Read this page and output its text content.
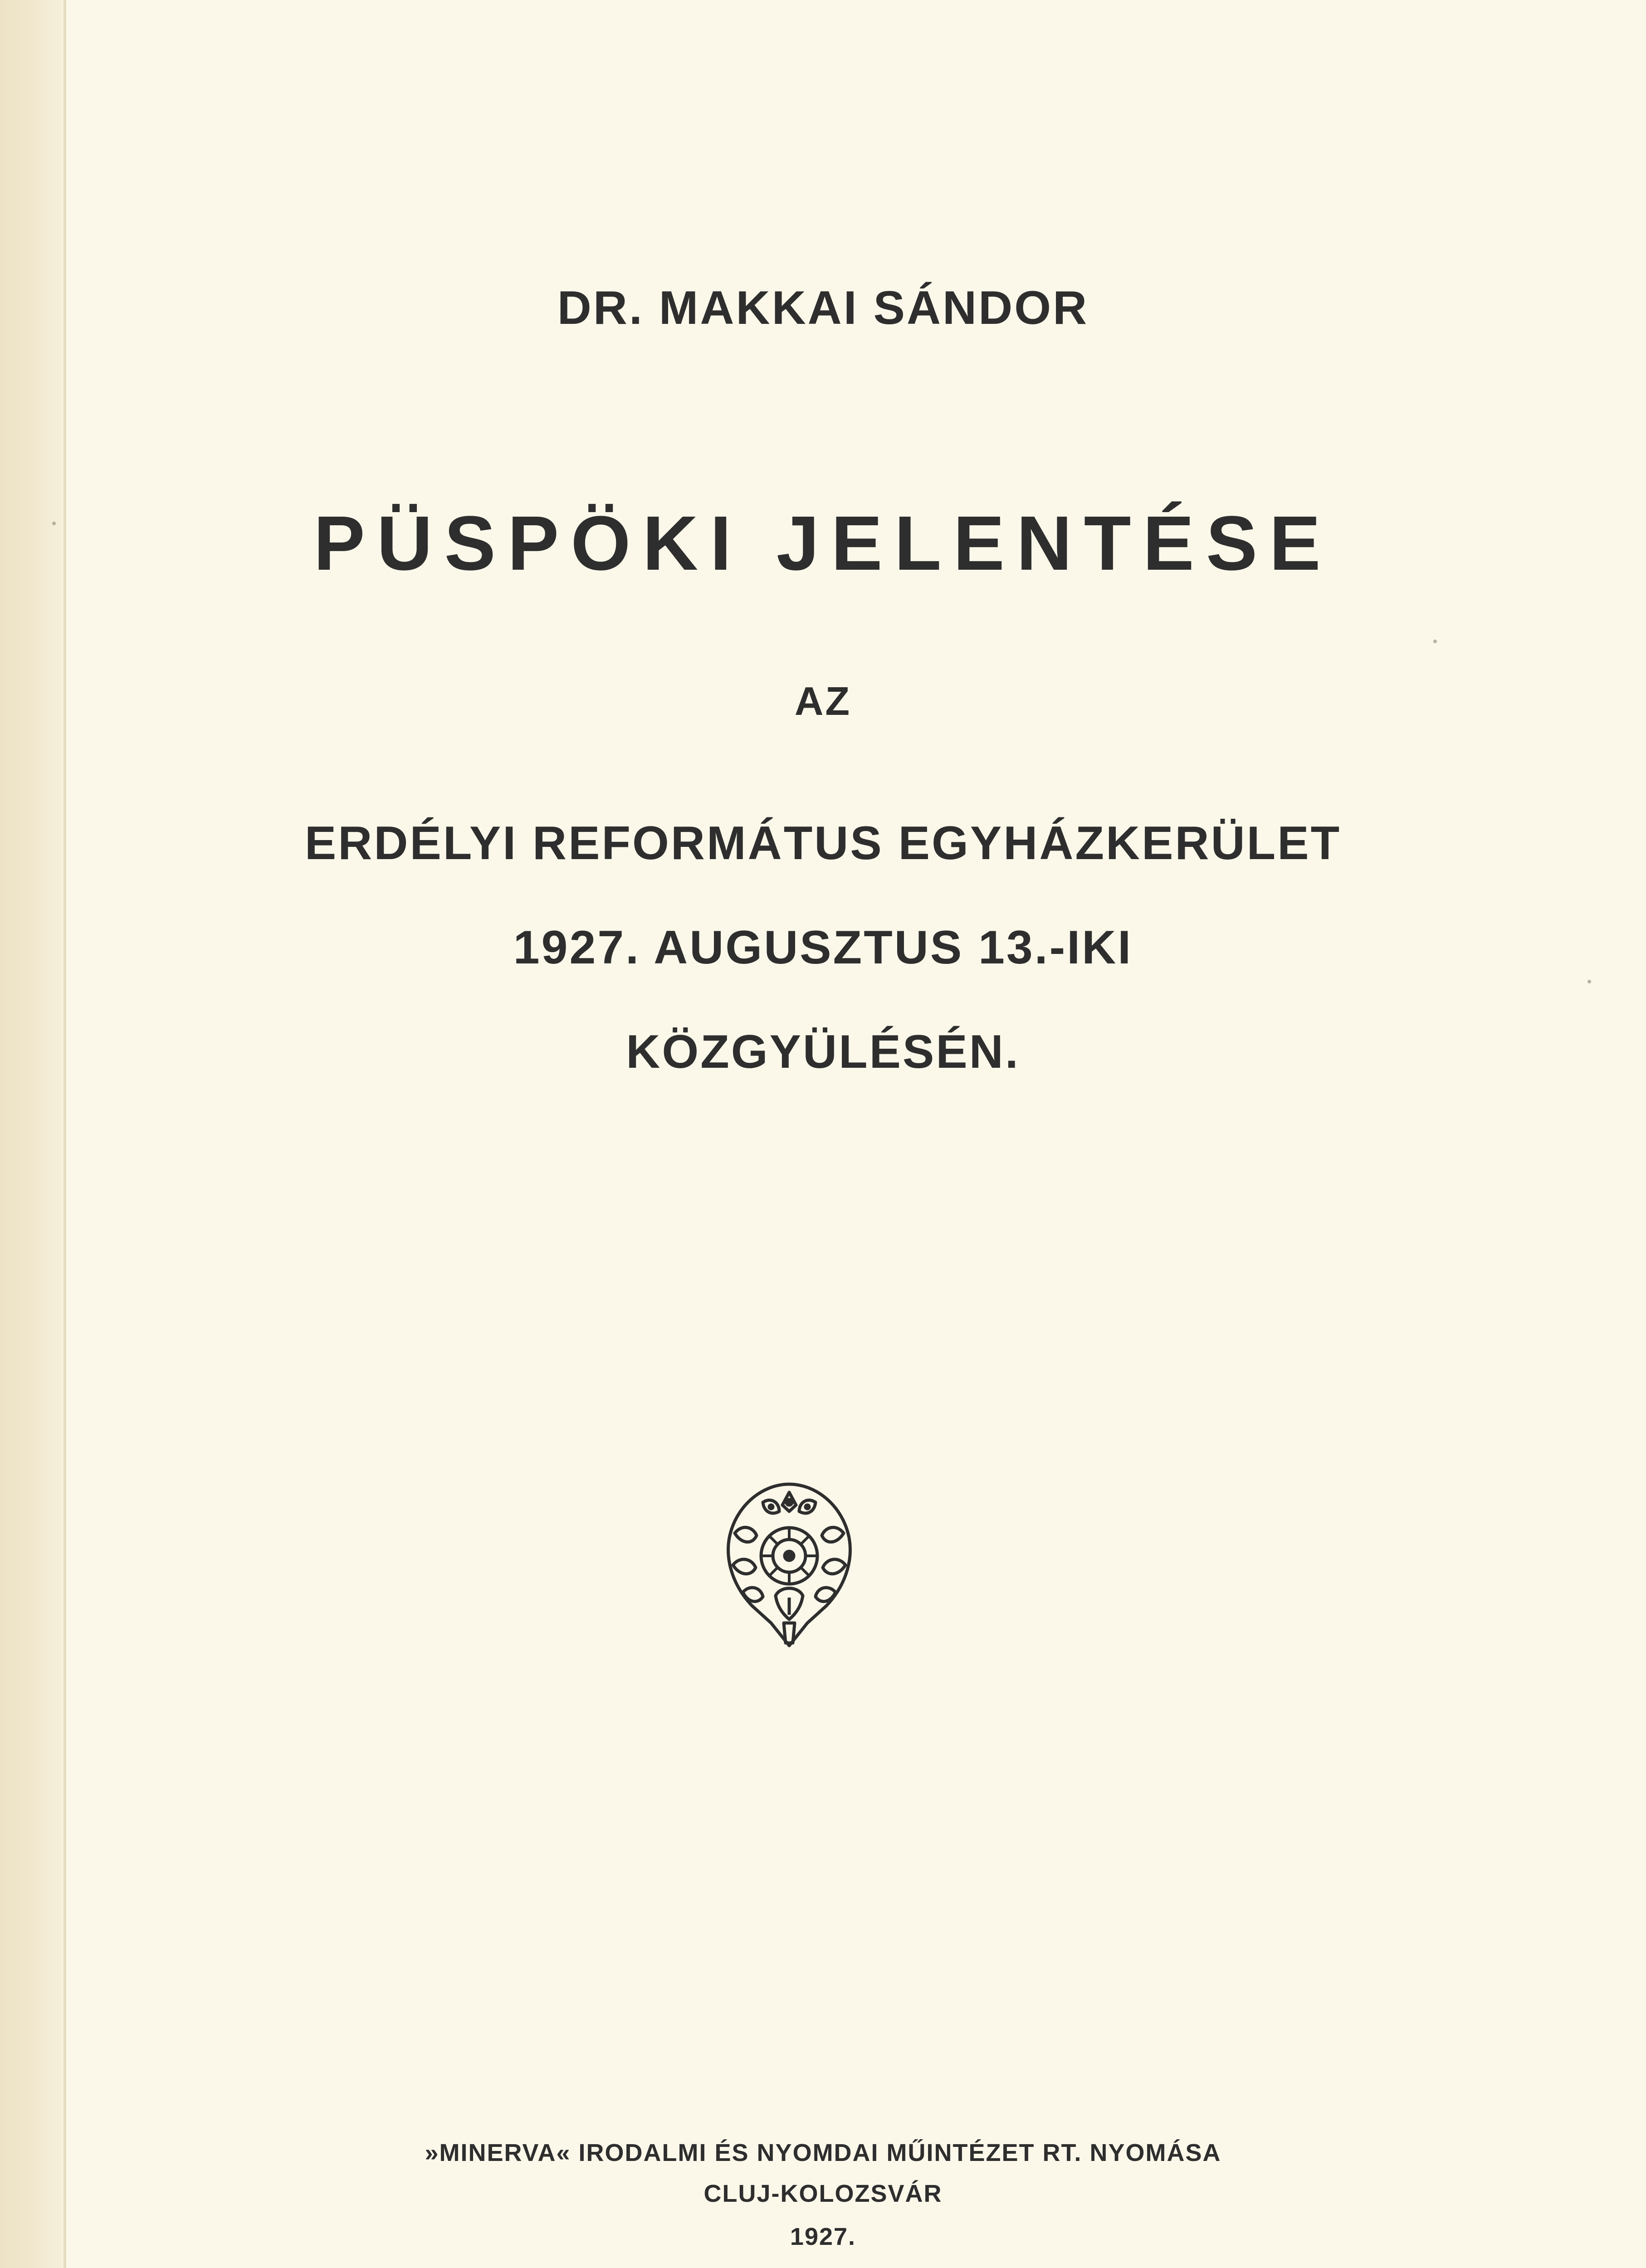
DR. MAKKAI SÁNDOR
PÜSPÖKI JELENTÉSE
AZ
ERDÉLYI REFORMÁTUS EGYHÁZKERÜLET
1927. AUGUSZTUS 13.-IKI
KÖZGYÜLÉSÉN.
»MINERVA« IRODALMI ÉS NYOMDAI MŰINTÉZET RT. NYOMÁSA
CLUJ-KOLOZSVÁR
1927.
